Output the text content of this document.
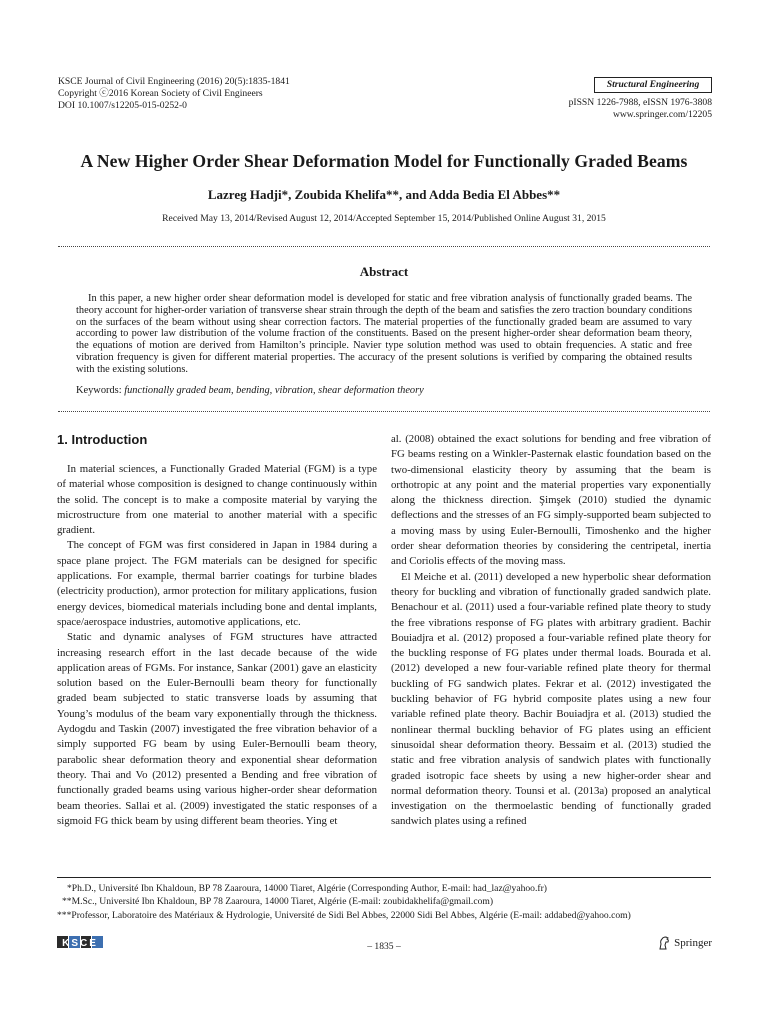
KSCE Journal of Civil Engineering (2016) 20(5):1835-1841
Copyright ⓒ2016 Korean Society of Civil Engineers
DOI 10.1007/s12205-015-0252-0
Structural Engineering
pISSN 1226-7988, eISSN 1976-3808
www.springer.com/12205
A New Higher Order Shear Deformation Model for Functionally Graded Beams
Lazreg Hadji*, Zoubida Khelifa**, and Adda Bedia El Abbes**
Received May 13, 2014/Revised August 12, 2014/Accepted September 15, 2014/Published Online August 31, 2015
Abstract

In this paper, a new higher order shear deformation model is developed for static and free vibration analysis of functionally graded beams. The theory account for higher-order variation of transverse shear strain through the depth of the beam and satisfies the zero traction boundary conditions on the surfaces of the beam without using shear correction factors. The material properties of the functionally graded beam are assumed to vary according to power law distribution of the volume fraction of the constituents. Based on the present higher-order shear deformation beam theory, the equations of motion are derived from Hamilton’s principle. Navier type solution method was used to obtain frequencies. A static and free vibration frequency is given for different material properties. The accuracy of the present solutions is verified by comparing the obtained results with the existing solutions.

Keywords: functionally graded beam, bending, vibration, shear deformation theory

1. Introduction

In material sciences, a Functionally Graded Material (FGM) is a type of material whose composition is designed to change continuously within the solid. The concept is to make a composite material by varying the microstructure from one material to another material with a specific gradient.

The concept of FGM was first considered in Japan in 1984 during a space plane project. The FGM materials can be designed for specific applications. For example, thermal barrier coatings for turbine blades (electricity production), armor protection for military applications, fusion energy devices, biomedical materials including bone and dental implants, space/aerospace industries, automotive applications, etc.

Static and dynamic analyses of FGM structures have attracted increasing research effort in the last decade because of the wide application areas of FGMs. For instance, Sankar (2001) gave an elasticity solution based on the Euler-Bernoulli beam theory for functionally graded beam subjected to static transverse loads by assuming that Young’s modulus of the beam vary exponentially through the thickness. Aydogdu and Taskin (2007) investigated the free vibration behavior of a simply supported FG beam by using Euler-Bernoulli beam theory, parabolic shear deformation theory and exponential shear deformation theory. Thai and Vo (2012) presented a Bending and free vibration of functionally graded beams using various higher-order shear deformation beam theories. Sallai et al. (2009) investigated the static responses of a sigmoid FG thick beam by using different beam theories. Ying et

al. (2008) obtained the exact solutions for bending and free vibration of FG beams resting on a Winkler-Pasternak elastic foundation based on the two-dimensional elasticity theory by assuming that the beam is orthotropic at any point and the material properties vary exponentially along the thickness direction. Şimşek (2010) studied the dynamic deflections and the stresses of an FG simply-supported beam subjected to a moving mass by using Euler-Bernoulli, Timoshenko and the higher order shear deformation theories by considering the centripetal, inertia and Coriolis effects of the moving mass.

El Meiche et al. (2011) developed a new hyperbolic shear deformation theory for buckling and vibration of functionally graded sandwich plate. Benachour et al. (2011) used a four-variable refined plate theory to study the free vibrations response of FG plates with arbitrary gradient. Bachir Bouiadjra et al. (2012) proposed a four-variable refined plate theory for the buckling response of FG plates under thermal loads. Bourada et al. (2012) developed a new four-variable refined plate theory for thermal buckling of FG sandwich plates. Fekrar et al. (2012) investigated the buckling behavior of FG hybrid composite plates using a new four variable refined plate theory. Bachir Bouiadjra et al. (2013) studied the nonlinear thermal buckling behavior of FG plates using an efficient sinusoidal shear deformation theory. Bessaim et al. (2013) studied the static and free vibration analysis of sandwich plates with functionally graded isotropic face sheets by using a new higher-order shear and normal deformation theory. Tounsi et al. (2013a) proposed an analytical investigation on the thermoelastic bending of functionally graded sandwich plates using a refined

*Ph.D., Université Ibn Khaldoun, BP 78 Zaaroura, 14000 Tiaret, Algérie (Corresponding Author, E-mail: had_laz@yahoo.fr)
**M.Sc., Université Ibn Khaldoun, BP 78 Zaaroura, 14000 Tiaret, Algérie (E-mail: zoubidakhelifa@gmail.com)
***Professor, Laboratoire des Matériaux & Hydrologie, Université de Sidi Bel Abbes, 22000 Sidi Bel Abbes, Algérie (E-mail: addabed@yahoo.com)
KSCE	– 1835 –	Springer
